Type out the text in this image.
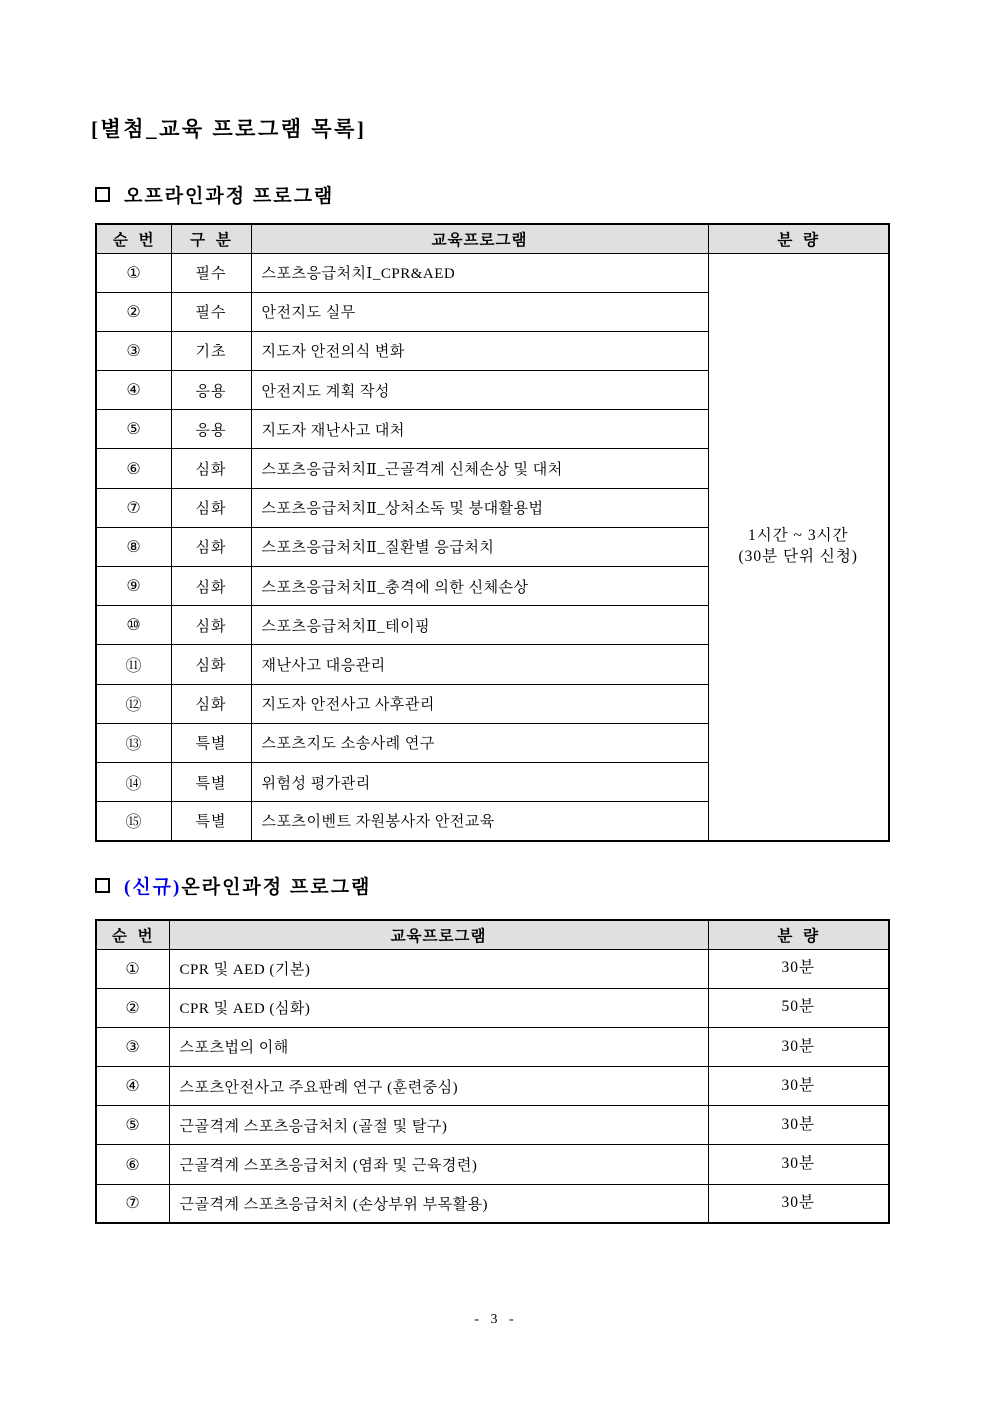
[별첨_교육 프로그램 목록]
오프라인과정 프로그램
순  번	구  분	교육프로그램	분  량
①	필수	스포츠응급처치Ⅰ_CPR&AED	1시간 ~ 3시간
(30분 단위 신청)

②	필수	안전지도 실무	
③	기초	지도자 안전의식 변화	
④	응용	안전지도 계획 작성	
⑤	응용	지도자 재난사고 대처	
⑥	심화	스포츠응급처치Ⅱ_근골격계 신체손상 및 대처	
⑦	심화	스포츠응급처치Ⅱ_상처소독 및 붕대활용법	
⑧	심화	스포츠응급처치Ⅱ_질환별 응급처치	
⑨	심화	스포츠응급처치Ⅱ_충격에 의한 신체손상	
⑩	심화	스포츠응급처치Ⅱ_테이핑	
⑪	심화	재난사고 대응관리	
⑫	심화	지도자 안전사고 사후관리	
⑬	특별	스포츠지도 소송사례 연구	
⑭	특별	위험성 평가관리	
⑮	특별	스포츠이벤트 자원봉사자 안전교육	
(신규) 온라인과정 프로그램
순  번	교육프로그램	분  량
①	CPR 및 AED (기본)	30분
②	CPR 및 AED (심화)	50분
③	스포츠법의 이해	30분
④	스포츠안전사고 주요판례 연구 (훈련중심)	30분
⑤	근골격계 스포츠응급처치 (골절 및 탈구)	30분
⑥	근골격계 스포츠응급처치 (염좌 및 근육경련)	30분
⑦	근골격계 스포츠응급처치 (손상부위 부목활용)	30분
- 3 -
